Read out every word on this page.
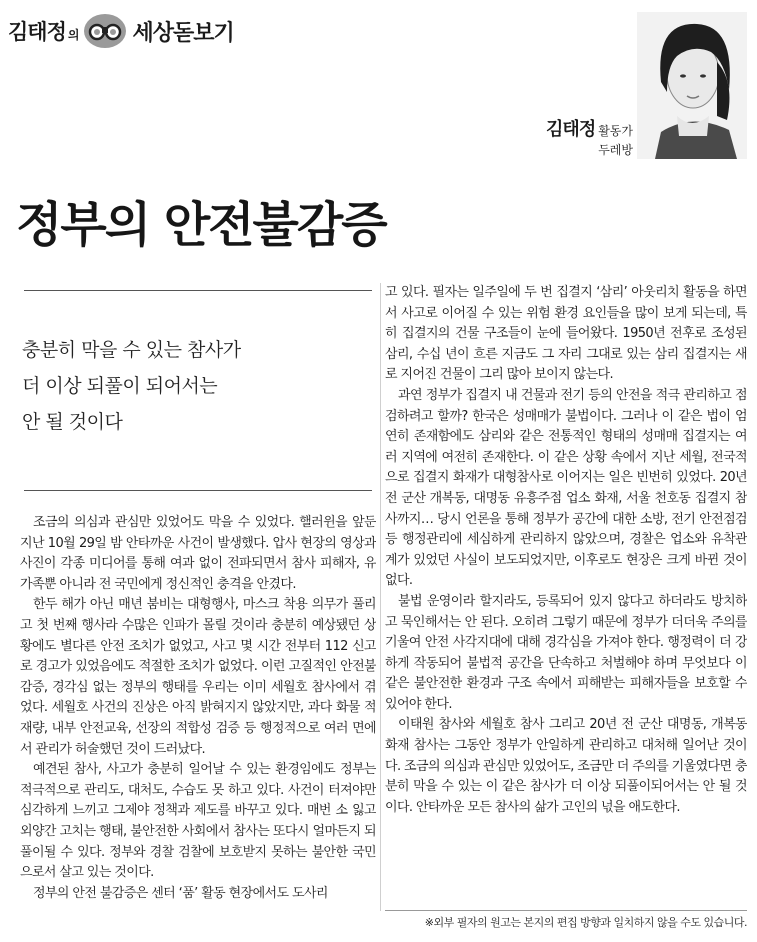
김태정 의 세상돋보기
김태정 활동가
두레방
정부의 안전불감증
충분히 막을 수 있는 참사가
더 이상 되풀이 되어서는
안 될 것이다

조금의 의심과 관심만 있었어도 막을 수 있었다. 핼러윈을 앞둔 지난 10월 29일 밤 안타까운 사건이 발생했다. 압사 현장의 영상과 사진이 각종 미디어를 통해 여과 없이 전파되면서 참사 피해자, 유가족뿐 아니라 전 국민에게 정신적인 충격을 안겼다.

한두 해가 아닌 매년 붐비는 대형행사, 마스크 착용 의무가 풀리고 첫 번째 행사라 수많은 인파가 몰릴 것이라 충분히 예상됐던 상황에도 별다른 안전 조치가 없었고, 사고 몇 시간 전부터 112 신고로 경고가 있었음에도 적절한 조치가 없었다. 이런 고질적인 안전불감증, 경각심 없는 정부의 행태를 우리는 이미 세월호 참사에서 겪었다. 세월호 사건의 진상은 아직 밝혀지지 않았지만, 과다 화물 적재량, 내부 안전교육, 선장의 적합성 검증 등 행정적으로 여러 면에서 관리가 허술했던 것이 드러났다.

예견된 참사, 사고가 충분히 일어날 수 있는 환경임에도 정부는 적극적으로 관리도, 대처도, 수습도 못 하고 있다. 사건이 터져야만 심각하게 느끼고 그제야 정책과 제도를 바꾸고 있다. 매번 소 잃고 외양간 고치는 행태, 불안전한 사회에서 참사는 또다시 얼마든지 되풀이될 수 있다. 정부와 경찰 검찰에 보호받지 못하는 불안한 국민으로서 살고 있는 것이다.

정부의 안전 불감증은 센터 ‘품’ 활동 현장에서도 도사리

고 있다. 필자는 일주일에 두 번 집결지 ‘삼리’ 아웃리치 활동을 하면서 사고로 이어질 수 있는 위험 환경 요인들을 많이 보게 되는데, 특히 집결지의 건물 구조들이 눈에 들어왔다. 1950년 전후로 조성된 삼리, 수십 년이 흐른 지금도 그 자리 그대로 있는 삼리 집결지는 새로 지어진 건물이 그리 많아 보이지 않는다.

과연 정부가 집결지 내 건물과 전기 등의 안전을 적극 관리하고 점검하려고 할까? 한국은 성매매가 불법이다. 그러나 이 같은 법이 엄연히 존재함에도 삼리와 같은 전통적인 형태의 성매매 집결지는 여러 지역에 여전히 존재한다. 이 같은 상황 속에서 지난 세월, 전국적으로 집결지 화재가 대형참사로 이어지는 일은 빈번히 있었다. 20년 전 군산 개복동, 대명동 유흥주점 업소 화재, 서울 천호동 집결지 참사까지… 당시 언론을 통해 정부가 공간에 대한 소방, 전기 안전점검 등 행정관리에 세심하게 관리하지 않았으며, 경찰은 업소와 유착관계가 있었던 사실이 보도되었지만, 이후로도 현장은 크게 바뀐 것이 없다.

불법 운영이라 할지라도, 등록되어 있지 않다고 하더라도 방치하고 묵인해서는 안 된다. 오히려 그렇기 때문에 정부가 더더욱 주의를 기울여 안전 사각지대에 대해 경각심을 가져야 한다. 행정력이 더 강하게 작동되어 불법적 공간을 단속하고 처벌해야 하며 무엇보다 이 같은 불안전한 환경과 구조 속에서 피해받는 피해자들을 보호할 수 있어야 한다.

이태원 참사와 세월호 참사 그리고 20년 전 군산 대명동, 개복동 화재 참사는 그동안 정부가 안일하게 관리하고 대처해 일어난 것이다. 조금의 의심과 관심만 있었어도, 조금만 더 주의를 기울였다면 충분히 막을 수 있는 이 같은 참사가 더 이상 되풀이되어서는 안 될 것이다. 안타까운 모든 참사의 삶가 고인의 넋을 애도한다.

※외부 필자의 원고는 본지의 편집 방향과 일치하지 않을 수도 있습니다.
